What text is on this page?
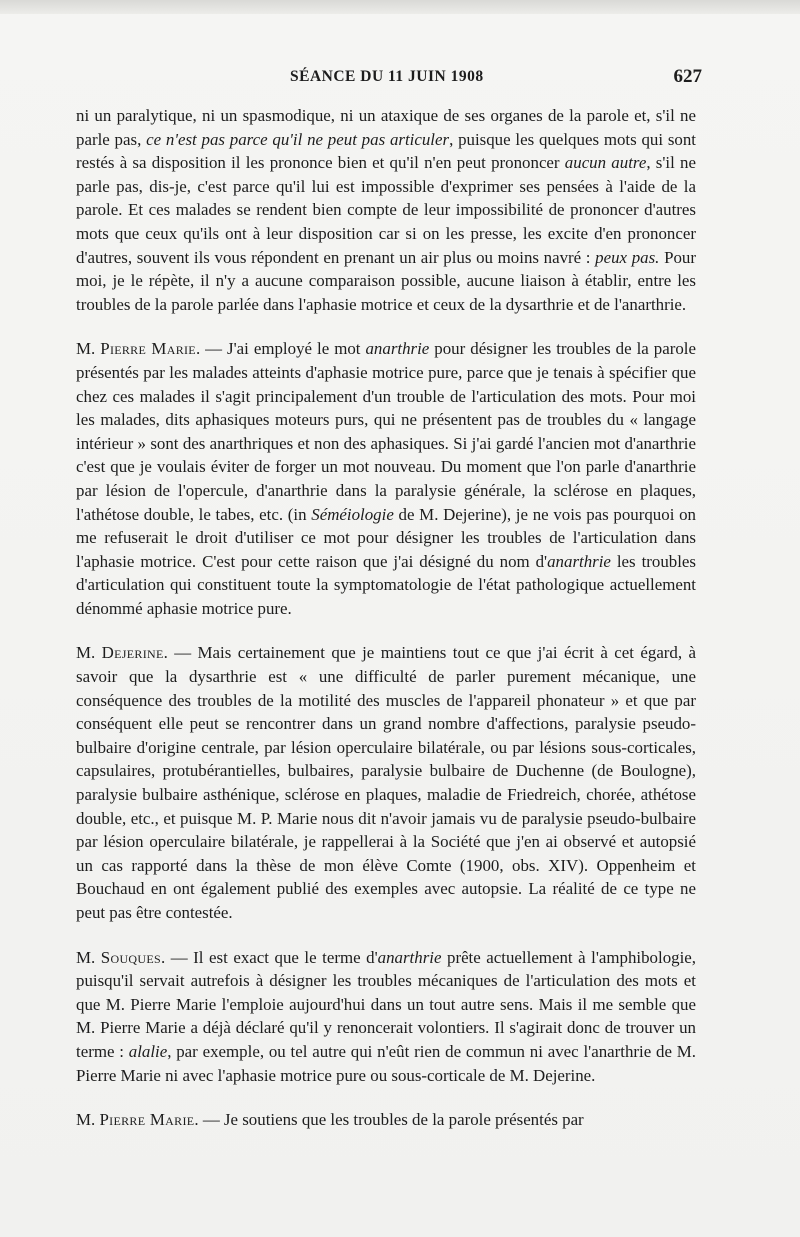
SÉANCE DU 11 JUIN 1908	627

ni un paralytique, ni un spasmodique, ni un ataxique de ses organes de la parole et, s'il ne parle pas, ce n'est pas parce qu'il ne peut pas articuler, puisque les quelques mots qui sont restés à sa disposition il les prononce bien et qu'il n'en peut prononcer aucun autre, s'il ne parle pas, dis-je, c'est parce qu'il lui est impossible d'exprimer ses pensées à l'aide de la parole. Et ces malades se rendent bien compte de leur impossibilité de prononcer d'autres mots que ceux qu'ils ont à leur disposition car si on les presse, les excite d'en prononcer d'autres, souvent ils vous répondent en prenant un air plus ou moins navré : peux pas. Pour moi, je le répète, il n'y a aucune comparaison possible, aucune liaison à établir, entre les troubles de la parole parlée dans l'aphasie motrice et ceux de la dysarthrie et de l'anarthrie.

M. Pierre Marie. — J'ai employé le mot anarthrie pour désigner les troubles de la parole présentés par les malades atteints d'aphasie motrice pure, parce que je tenais à spécifier que chez ces malades il s'agit principalement d'un trouble de l'articulation des mots. Pour moi les malades, dits aphasiques moteurs purs, qui ne présentent pas de troubles du « langage intérieur » sont des anarthriques et non des aphasiques. Si j'ai gardé l'ancien mot d'anarthrie c'est que je voulais éviter de forger un mot nouveau. Du moment que l'on parle d'anarthrie par lésion de l'opercule, d'anarthrie dans la paralysie générale, la sclérose en plaques, l'athétose double, le tabes, etc. (in Séméiologie de M. Dejerine), je ne vois pas pourquoi on me refuserait le droit d'utiliser ce mot pour désigner les troubles de l'articulation dans l'aphasie motrice. C'est pour cette raison que j'ai désigné du nom d'anarthrie les troubles d'articulation qui constituent toute la symptomatologie de l'état pathologique actuellement dénommé aphasie motrice pure.

M. Dejerine. — Mais certainement que je maintiens tout ce que j'ai écrit à cet égard, à savoir que la dysarthrie est « une difficulté de parler purement mécanique, une conséquence des troubles de la motilité des muscles de l'appareil phonateur » et que par conséquent elle peut se rencontrer dans un grand nombre d'affections, paralysie pseudo-bulbaire d'origine centrale, par lésion operculaire bilatérale, ou par lésions sous-corticales, capsulaires, protubérantielles, bulbaires, paralysie bulbaire de Duchenne (de Boulogne), paralysie bulbaire asthénique, sclérose en plaques, maladie de Friedreich, chorée, athétose double, etc., et puisque M. P. Marie nous dit n'avoir jamais vu de paralysie pseudo-bulbaire par lésion operculaire bilatérale, je rappellerai à la Société que j'en ai observé et autopsié un cas rapporté dans la thèse de mon élève Comte (1900, obs. XIV). Oppenheim et Bouchaud en ont également publié des exemples avec autopsie. La réalité de ce type ne peut pas être contestée.

M. Souques. — Il est exact que le terme d'anarthrie prête actuellement à l'amphibologie, puisqu'il servait autrefois à désigner les troubles mécaniques de l'articulation des mots et que M. Pierre Marie l'emploie aujourd'hui dans un tout autre sens. Mais il me semble que M. Pierre Marie a déjà déclaré qu'il y renoncerait volontiers. Il s'agirait donc de trouver un terme : alalie, par exemple, ou tel autre qui n'eût rien de commun ni avec l'anarthrie de M. Pierre Marie ni avec l'aphasie motrice pure ou sous-corticale de M. Dejerine.

M. Pierre Marie. — Je soutiens que les troubles de la parole présentés par
